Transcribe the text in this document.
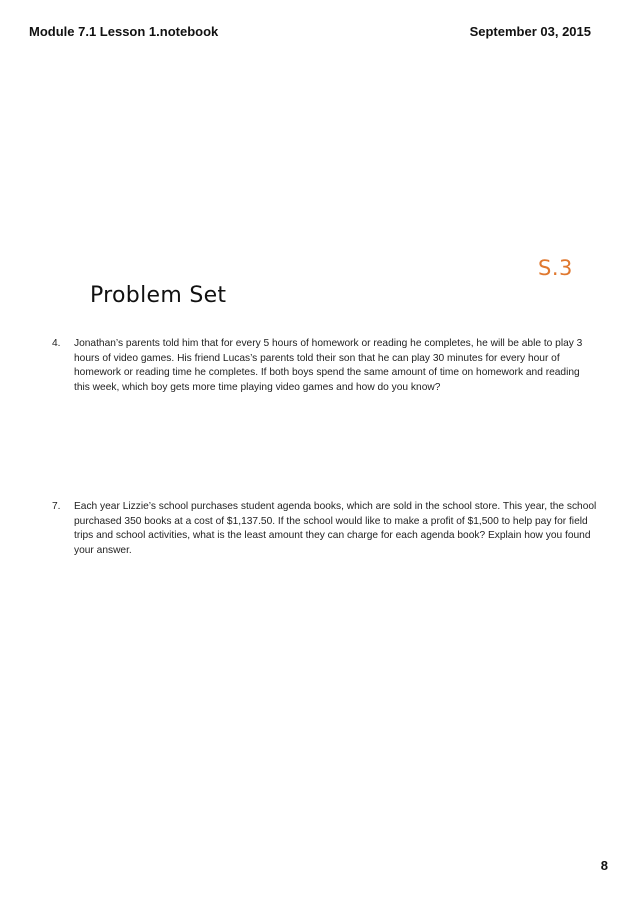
Module 7.1 Lesson 1.notebook	September 03, 2015
S.3
Problem Set
4.	Jonathan’s parents told him that for every 5 hours of homework or reading he completes, he will be able to play 3 hours of video games. His friend Lucas’s parents told their son that he can play 30 minutes for every hour of homework or reading time he completes. If both boys spend the same amount of time on homework and reading this week, which boy gets more time playing video games and how do you know?
7.	Each year Lizzie’s school purchases student agenda books, which are sold in the school store. This year, the school purchased 350 books at a cost of $1,137.50. If the school would like to make a profit of $1,500 to help pay for field trips and school activities, what is the least amount they can charge for each agenda book? Explain how you found your answer.
8
